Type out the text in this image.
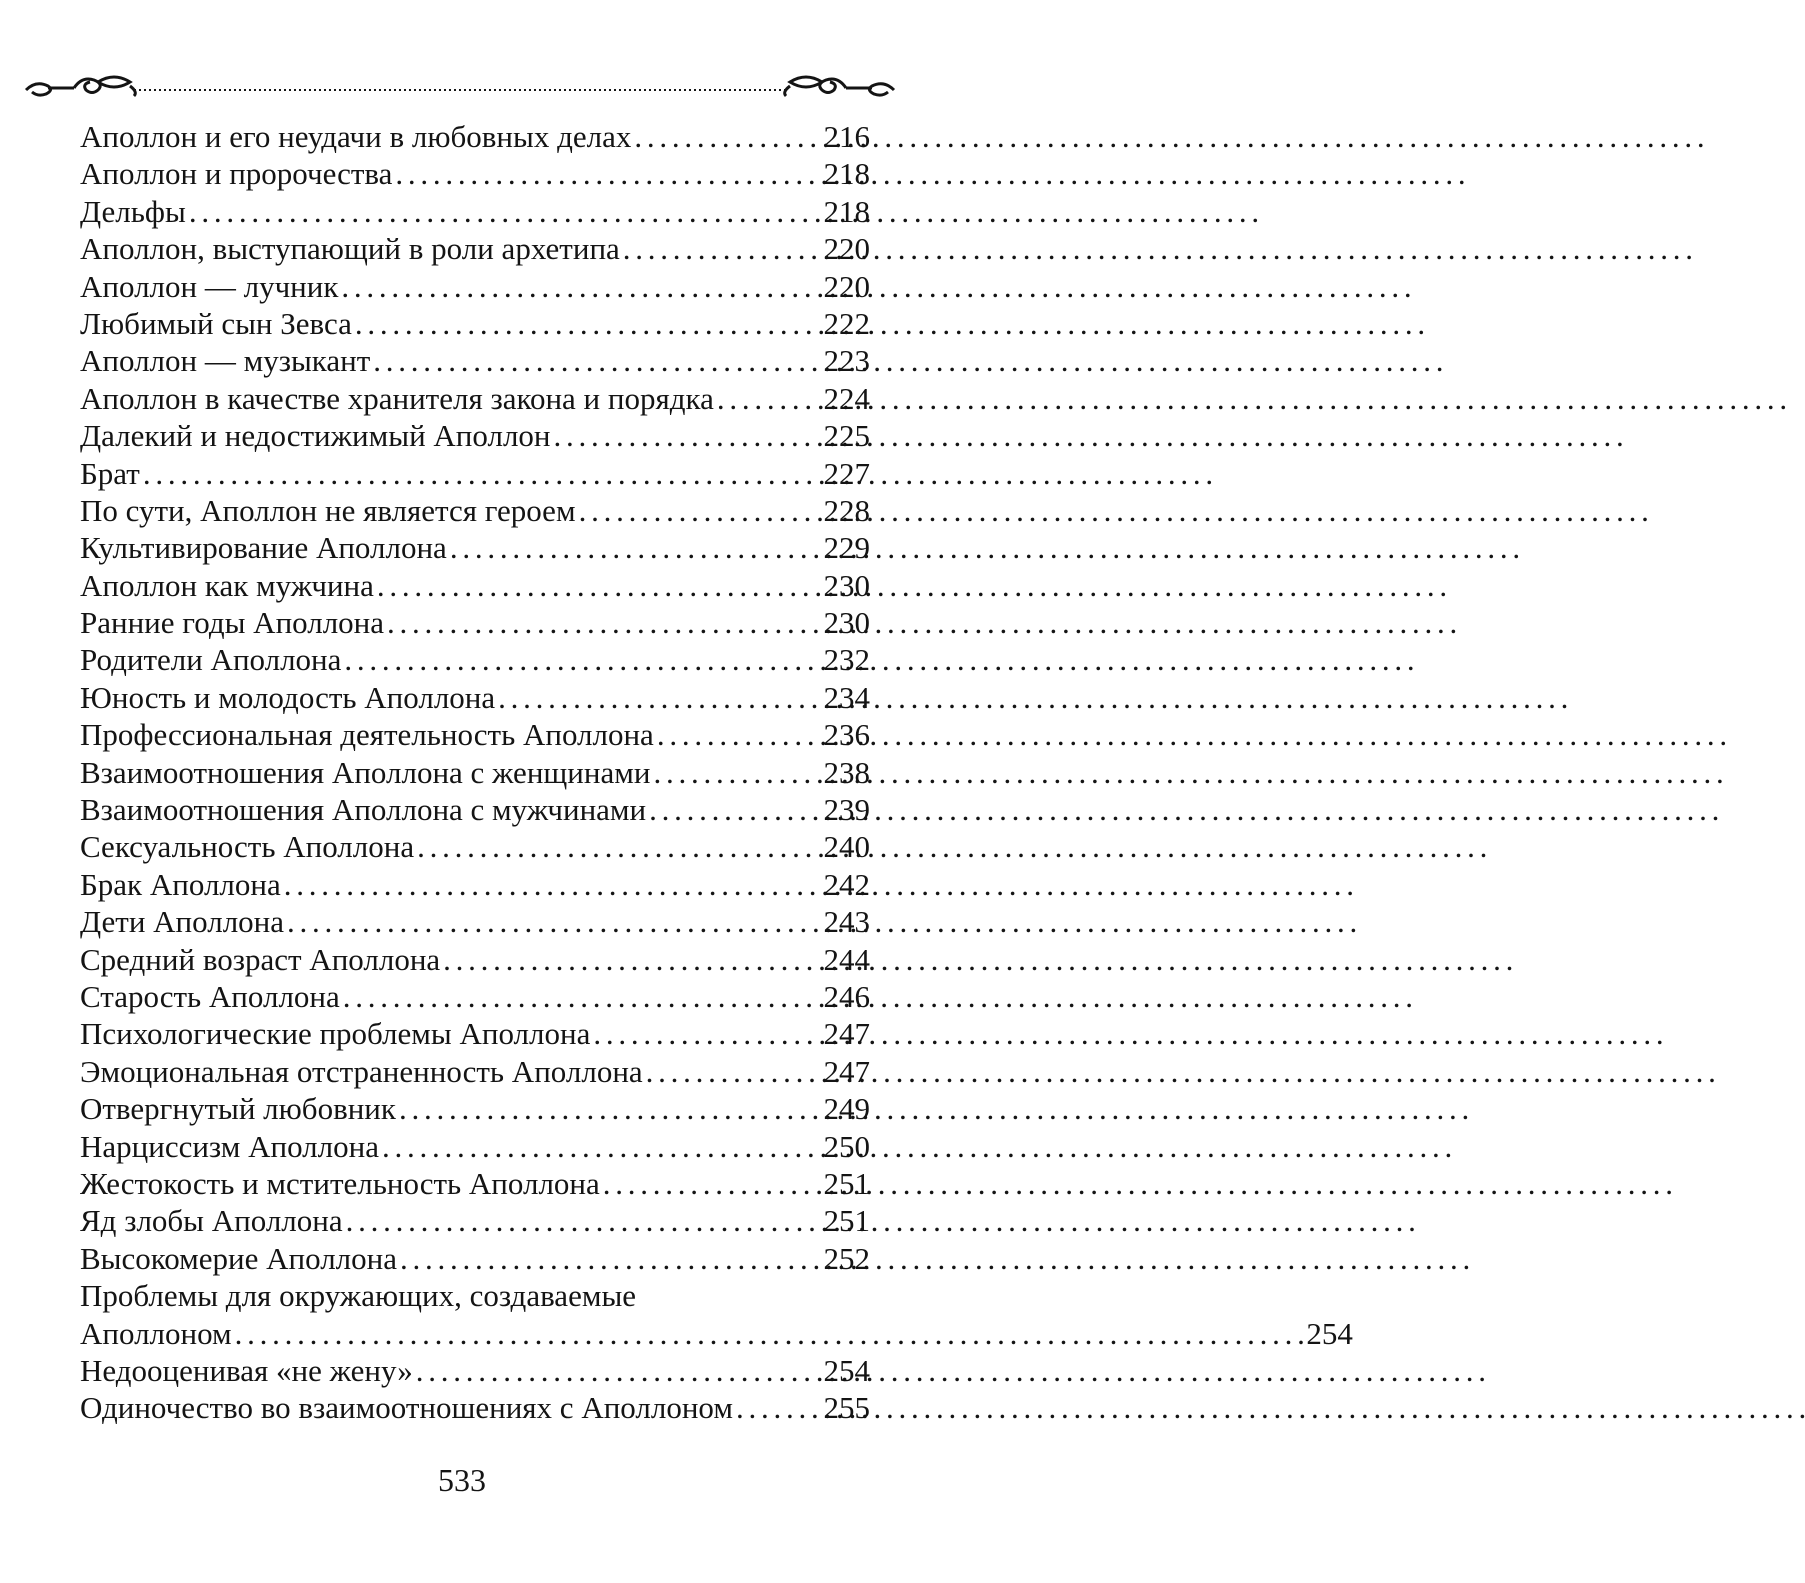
Аполлон и его неудачи в любовных делах . . .	216
Аполлон и пророчества . . .	218
Дельфы . . .	218
Аполлон, выступающий в роли архетипа . . .	220
Аполлон — лучник . . .	220
Любимый сын Зевса . . .	222
Аполлон — музыкант . . .	223
Аполлон в качестве хранителя закона и порядка . . .	224
Далекий и недостижимый Аполлон . . .	225
Брат . . .	227
По сути, Аполлон не является героем . . .	228
Культивирование Аполлона . . .	229
Аполлон как мужчина . . .	230
Ранние годы Аполлона . . .	230
Родители Аполлона . . .	232
Юность и молодость Аполлона . . .	234
Профессиональная деятельность Аполлона . . .	236
Взаимоотношения Аполлона с женщинами . . .	238
Взаимоотношения Аполлона с мужчинами . . .	239
Сексуальность Аполлона . . .	240
Брак Аполлона . . .	242
Дети Аполлона . . .	243
Средний возраст Аполлона . . .	244
Старость Аполлона . . .	246
Психологические проблемы Аполлона . . .	247
Эмоциональная отстраненность Аполлона . . .	247
Отвергнутый любовник . . .	249
Нарциссизм Аполлона . . .	250
Жестокость и мстительность Аполлона . . .	251
Яд злобы Аполлона . . .	251
Высокомерие Аполлона . . .	252
Проблемы для окружающих, создаваемые
Аполлоном . . .	254
Недооценивая «не жену» . . .	254
Одиночество во взаимоотношениях с Аполлоном . . .	255
533
